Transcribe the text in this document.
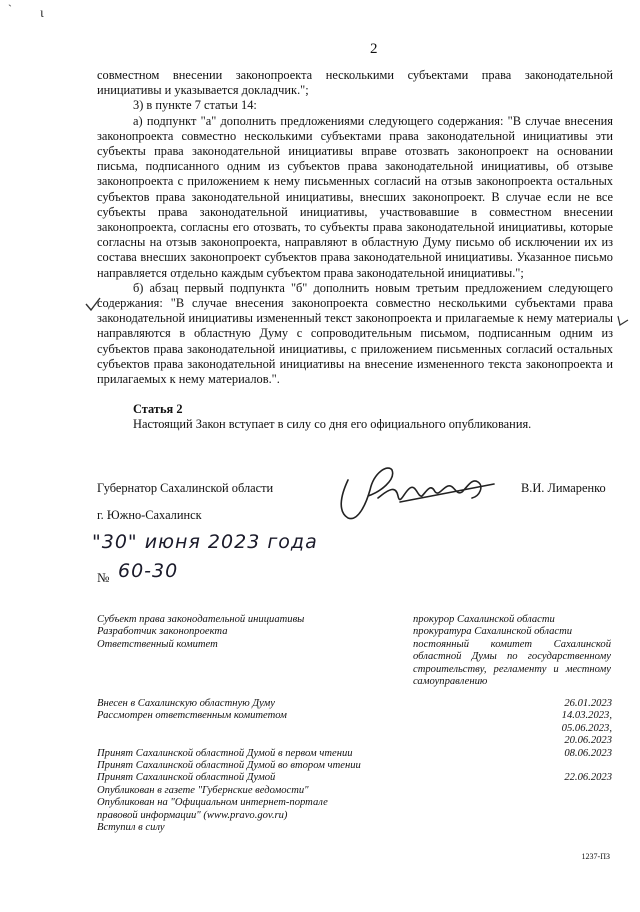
ˋ ɩ
2

совместном внесении законопроекта несколькими субъектами права законодательной инициативы и указывается докладчик.";

3) в пункте 7 статьи 14:

а) подпункт "а" дополнить предложениями следующего содержания: "В случае внесения законопроекта совместно несколькими субъектами права законодательной инициативы эти субъекты права законодательной инициативы вправе отозвать законопроект на основании письма, подписанного одним из субъектов права законодательной инициативы, об отзыве законопроекта с приложением к нему письменных согласий на отзыв законопроекта остальных субъектов права законодательной инициативы, внесших законопроект. В случае если не все субъекты права законодательной инициативы, участвовавшие в совместном внесении законопроекта, согласны его отозвать, то субъекты права законодательной инициативы, которые согласны на отзыв законопроекта, направляют в областную Думу письмо об исключении их из состава внесших законопроект субъектов права законодательной инициативы. Указанное письмо направляется отдельно каждым субъектом права законодательной инициативы.";

б) абзац первый подпункта "б" дополнить новым третьим предложением следующего содержания: "В случае внесения законопроекта совместно несколькими субъектами права законодательной инициативы измененный текст законопроекта и прилагаемые к нему материалы направляются в областную Думу с сопроводительным письмом, подписанным одним из субъектов права законодательной инициативы, с приложением письменных согласий остальных субъектов права законодательной инициативы на внесение измененного текста законопроекта и прилагаемых к нему материалов.".

Статья 2

Настоящий Закон вступает в силу со дня его официального опубликования.

Губернатор Сахалинской области	В.И. Лимаренко
г. Южно-Сахалинск
"30" июня 2023 года
№ 60-30
Субъект права законодательной инициативы
Разработчик законопроекта
Ответственный комитет
прокурор Сахалинской области
прокуратура Сахалинской области
постоянный комитет Сахалинской областной Думы по государственному строительству, регламенту и местному самоуправлению
Внесен в Сахалинскую областную Думу
Рассмотрен ответственным комитетом
Принят Сахалинской областной Думой в первом чтении
Принят Сахалинской областной Думой во втором чтении
Принят Сахалинской областной Думой
Опубликован в газете "Губернские ведомости"
Опубликован на "Официальном интернет-портале правовой информации" (www.pravo.gov.ru)
Вступил в силу
26.01.2023
14.03.2023,
05.06.2023,
20.06.2023
08.06.2023
22.06.2023
1237-ПЗ
